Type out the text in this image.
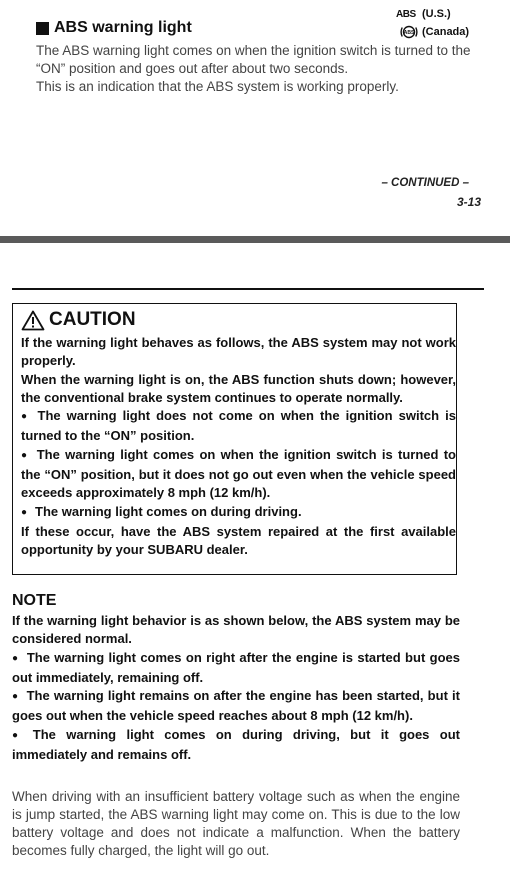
ABS (U.S.)
ABS (Canada)
ABS warning light
The ABS warning light comes on when the ignition switch is turned to the
“ON” position and goes out after about two seconds.
This is an indication that the ABS system is working properly.
– CONTINUED –
3-13
CAUTION

If the warning light behaves as follows, the ABS system may not work properly.

When the warning light is on, the ABS function shuts down; however, the conventional brake system continues to operate normally.

● The warning light does not come on when the ignition switch is turned to the “ON” position.

● The warning light comes on when the ignition switch is turned to the “ON” position, but it does not go out even when the vehicle speed exceeds approximately 8 mph (12 km/h).

● The warning light comes on during driving.

If these occur, have the ABS system repaired at the first available opportunity by your SUBARU dealer.

NOTE

If the warning light behavior is as shown below, the ABS system may be considered normal.

● The warning light comes on right after the engine is started but goes out immediately, remaining off.

● The warning light remains on after the engine has been started, but it goes out when the vehicle speed reaches about 8 mph (12 km/h).

● The warning light comes on during driving, but it goes out immediately and remains off.

When driving with an insufficient battery voltage such as when the engine is jump started, the ABS warning light may come on. This is due to the low battery voltage and does not indicate a malfunction. When the battery becomes fully charged, the light will go out.
